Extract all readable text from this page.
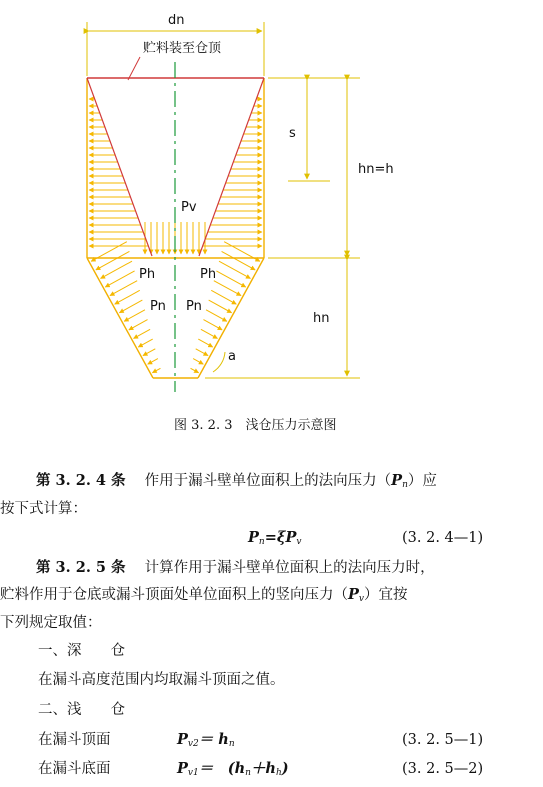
dn
贮料装至仓顶
s
hn=h
hn
a
Pv
Ph	Ph
Pn Pn
图 3. 2. 3　浅仓压力示意图
第 3. 2. 4 条　 作用于漏斗壁单位面积上的法向压力$(P_n)$应
按下式计算：
$P_n=\xi P_v$	(3. 2. 4—1)
第 3. 2. 5 条　 计算作用于漏斗壁单位面积上的法向压力时，
贮料作用于仓底或漏斗顶面处单位面积上的竖向压力$(P_v)$宜按
下列规定取值：
一、深　　仓
在漏斗高度范围内均取漏斗顶面之值。
二、浅　　仓
在漏斗顶面	$P_{v2}= h_n$	(3. 2. 5—1)
在漏斗底面	$P_{v1}=$　$(h_n+h_h)$	(3. 2. 5—2)
